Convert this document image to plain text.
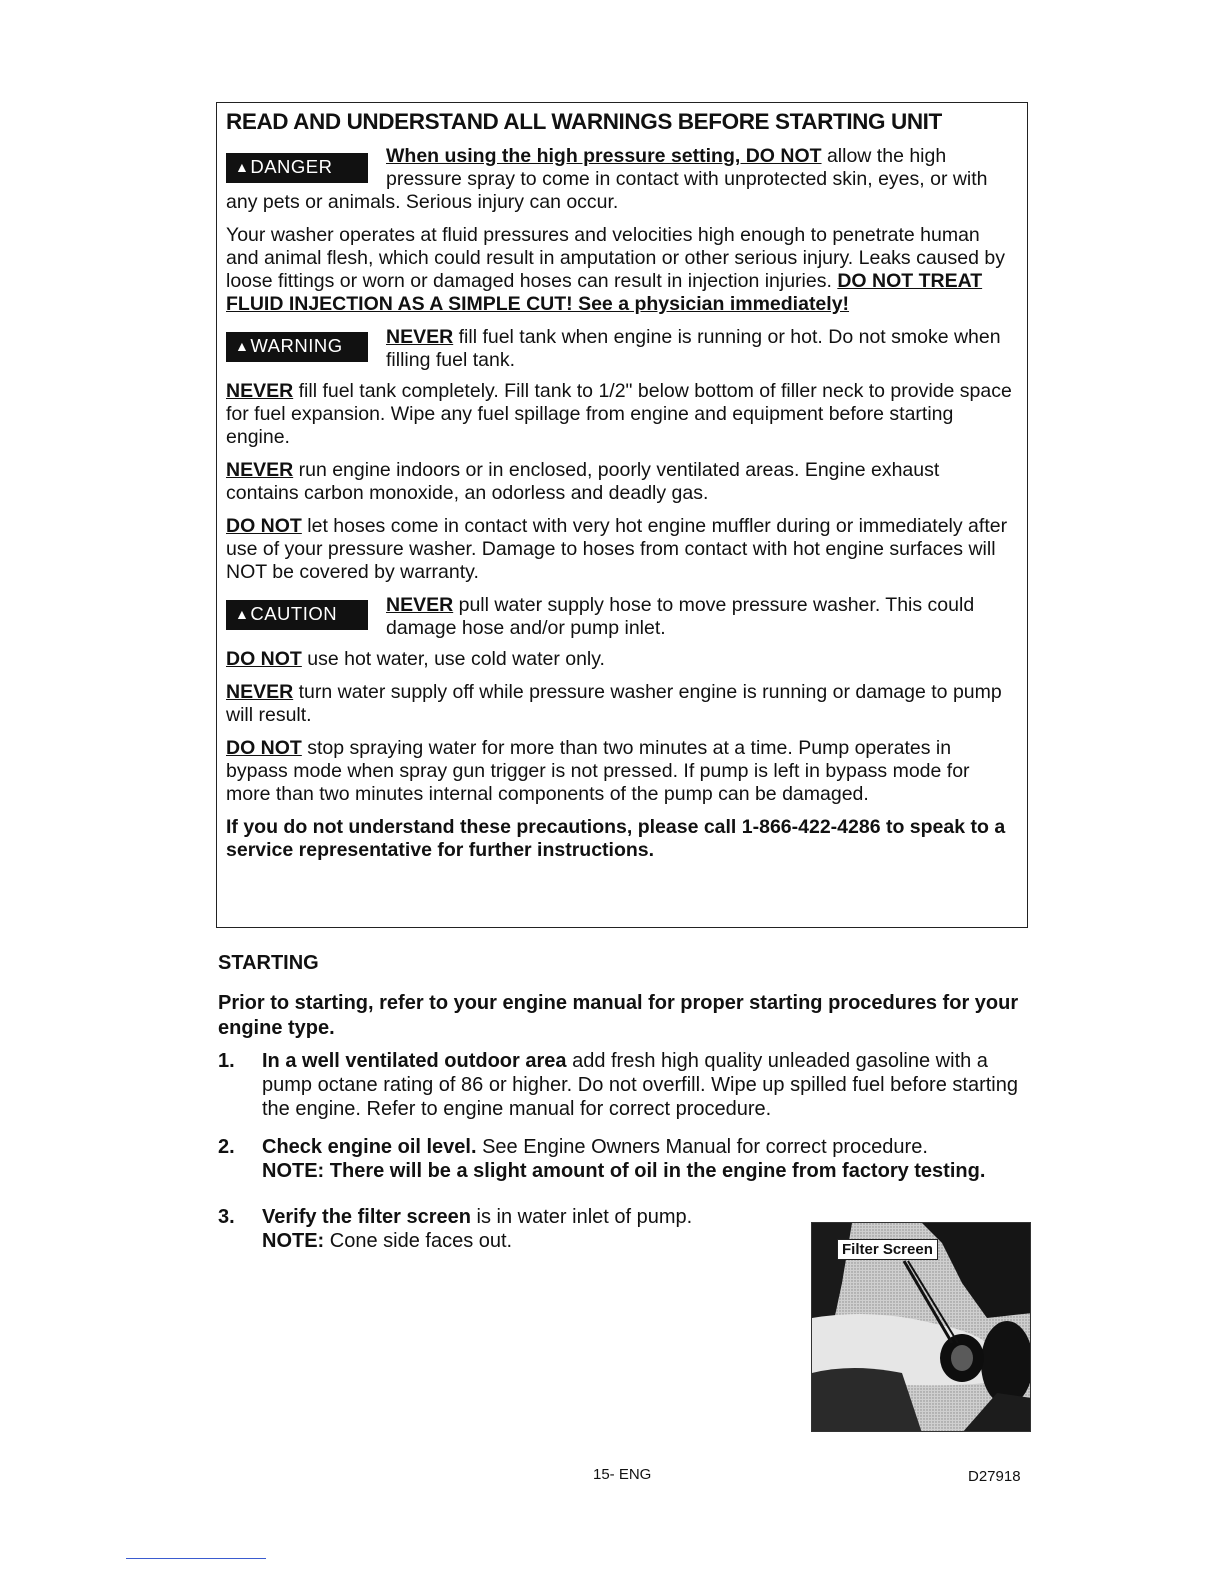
READ AND UNDERSTAND ALL WARNINGS BEFORE STARTING UNIT
▲DANGER	When using the high pressure setting, DO NOT allow the high pressure spray to come in contact with unprotected skin, eyes, or with any pets or animals. Serious injury can occur.

Your washer operates at fluid pressures and velocities high enough to penetrate human and animal flesh, which could result in amputation or other serious injury. Leaks caused by loose fittings or worn or damaged hoses can result in injection injuries. DO NOT TREAT FLUID INJECTION AS A SIMPLE CUT! See a physician immediately!

▲WARNING	NEVER fill fuel tank when engine is running or hot. Do not smoke when filling fuel tank.

NEVER fill fuel tank completely. Fill tank to 1/2" below bottom of filler neck to provide space for fuel expansion. Wipe any fuel spillage from engine and equipment before starting engine.

NEVER run engine indoors or in enclosed, poorly ventilated areas. Engine exhaust contains carbon monoxide, an odorless and deadly gas.

DO NOT let hoses come in contact with very hot engine muffler during or immediately after use of your pressure washer. Damage to hoses from contact with hot engine surfaces will NOT be covered by warranty.

▲CAUTION	NEVER pull water supply hose to move pressure washer. This could damage hose and/or pump inlet.

DO NOT use hot water, use cold water only.

NEVER turn water supply off while pressure washer engine is running or damage to pump will result.

DO NOT stop spraying water for more than two minutes at a time. Pump operates in bypass mode when spray gun trigger is not pressed. If pump is left in bypass mode for more than two minutes internal components of the pump can be damaged.

If you do not understand these precautions, please call 1-866-422-4286 to speak to a service representative for further instructions.

STARTING

Prior to starting, refer to your engine manual for proper starting procedures for your engine type.

1. In a well ventilated outdoor area add fresh high quality unleaded gasoline with a pump octane rating of 86 or higher. Do not overfill. Wipe up spilled fuel before starting the engine. Refer to engine manual for correct procedure.
2. Check engine oil level. See Engine Owners Manual for correct procedure.
NOTE: There will be a slight amount of oil in the engine from factory testing.
3. Verify the filter screen is in water inlet of pump.
NOTE: Cone side faces out.	Filter Screen
15- ENG	D27918
